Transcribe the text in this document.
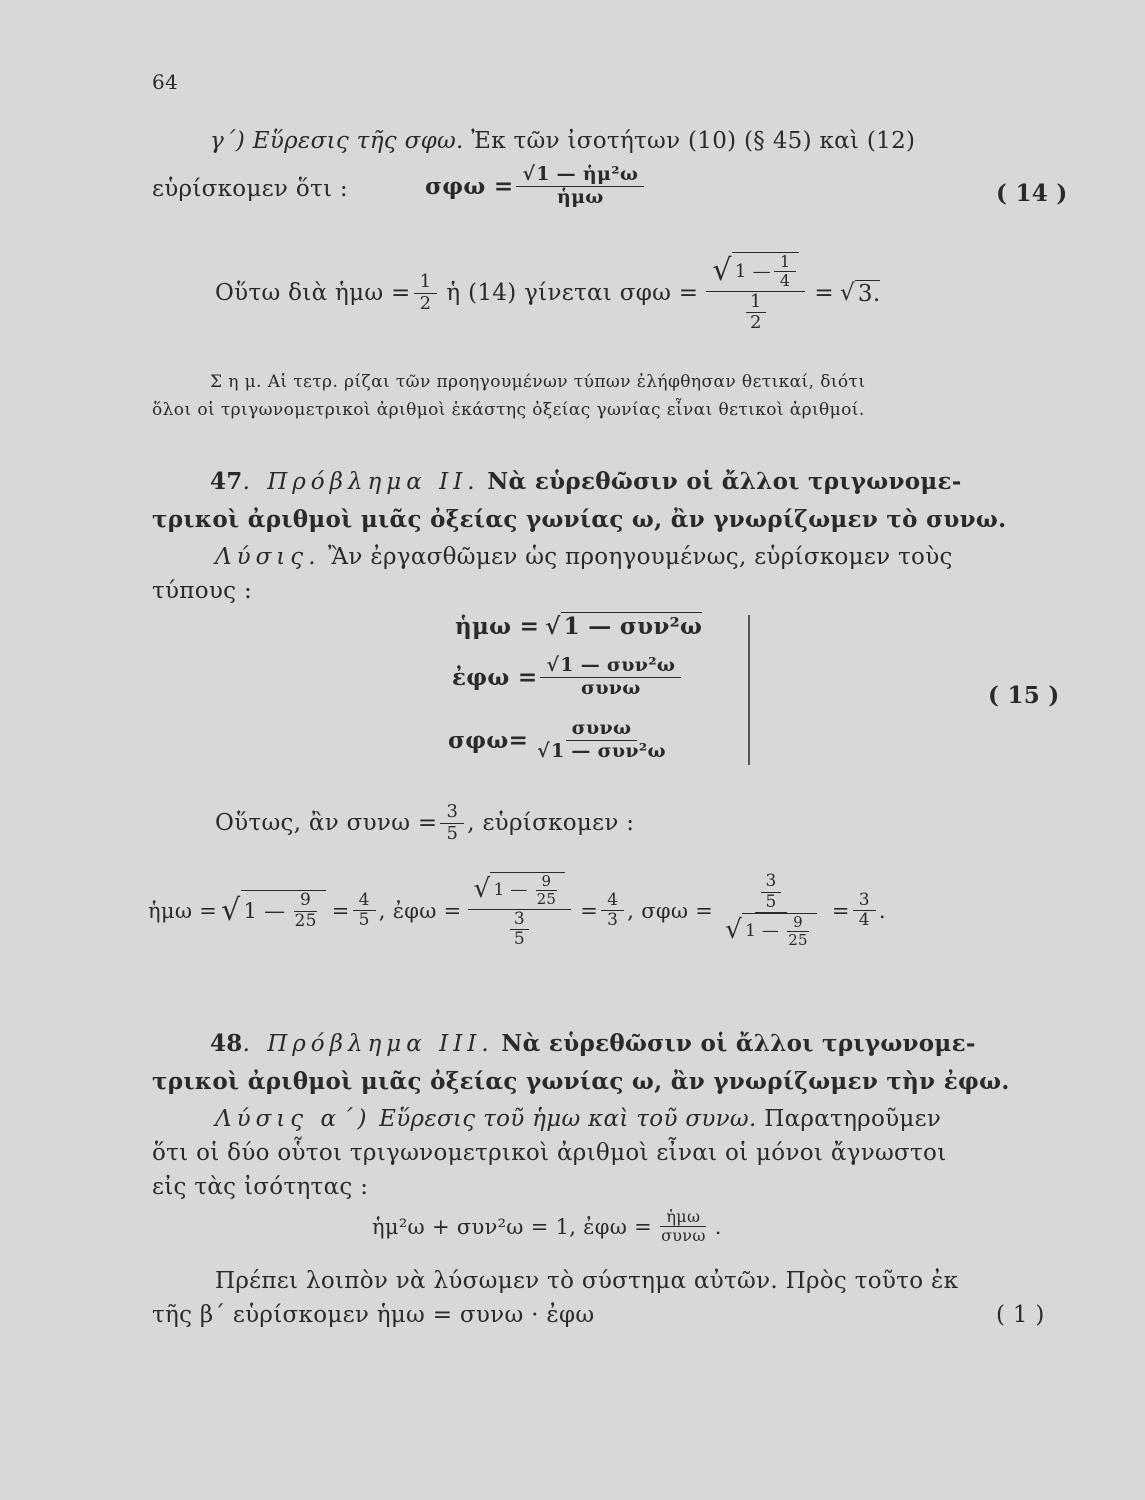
64
γ΄) Εὕρεσις τῆς σφω. Ἐκ τῶν ἰσοτήτων (10) (§ 45) καὶ (12)
εὑρίσκομεν ὅτι :	σφω = √ $\frac{\text{1 — ἡμ²ω}}{\text{ἡμω}}$	( 14 )
Οὕτω διὰ ἡμω = $\frac{1}{2}$ ἡ (14) γίνεται $\sigma\varphi\omega = \frac{√ 1 — \frac{1}{4}}{\frac{1}{2}}$ = √ 3.
Σ η μ. Αἱ τετρ. ρίζαι τῶν προηγουμένων τύπων ἐλήφθησαν θετικαί, διότι
ὅλοι οἱ τριγωνομετρικοὶ ἀριθμοὶ ἑκάστης ὀξείας γωνίας εἶναι θετικοὶ ἀριθμοί.
47. Πρόβλημα ΙΙ. Νὰ εὑρεθῶσιν οἱ ἄλλοι τριγωνομε-
τρικοὶ ἀριθμοὶ μιᾶς ὀξείας γωνίας ω, ἂν γνωρίζωμεν τὸ συνω.
Λύσις. Ἂν ἐργασθῶμεν ὡς προηγουμένως, εὑρίσκομεν τοὺς
τύπους :
ἡμω = √ 1 — συν²ω
ἐφω = √ $\frac{\text{1 — συν²ω}}{\text{συνω}}$
σφω= συνω
√ 1 — συν²ω
( 15 )
Οὕτως, ἂν $\sigma\upsilon\nu\omega = \frac{3}{5}$ , εὑρίσκομεν :
ἡμω = √ 1 — $\frac{9}{25} = \frac{4}{5}$ , ἐφω = √ 1 — $\frac{9}{25}$
3
$5 = \frac{4}{3}$ , σφω = 3
5
√ 1 — $\frac{9}{25} = \frac{3}{4}$ .
48. Πρόβλημα ΙΙΙ. Νὰ εὑρεθῶσιν οἱ ἄλλοι τριγωνομε-
τρικοὶ ἀριθμοὶ μιᾶς ὀξείας γωνίας ω, ἂν γνωρίζωμεν τὴν ἐφω.
Λύσις α΄) Εὕρεσις τοῦ ἡμω καὶ τοῦ συνω. Παρατηροῦμεν
ὅτι οἱ δύο οὗτοι τριγωνομετρικοὶ ἀριθμοὶ εἶναι οἱ μόνοι ἄγνωστοι
εἰς τὰς ἰσότητας :
ἡμ²ω + συν²ω = 1, ἐφω = $\frac{\text{ἡμω}}{\text{συνω}}$ .
Πρέπει λοιπὸν νὰ λύσωμεν τὸ σύστημα αὐτῶν. Πρὸς τοῦτο ἐκ
τῆς β΄ εὑρίσκομεν ἡμω = συνω · ἐφω	( 1 )
